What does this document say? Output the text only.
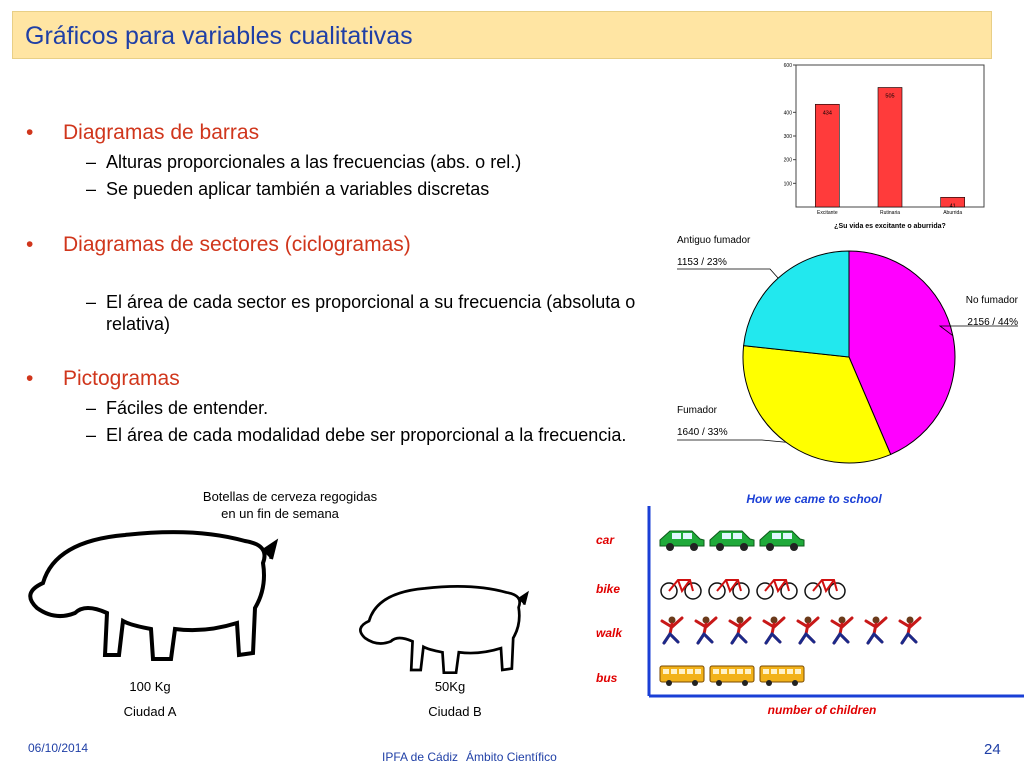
Gráficos para variables cualitativas
• Diagramas de barras
– Alturas proporcionales a las frecuencias (abs. o rel.)
– Se pueden aplicar también a variables discretas
• Diagramas de sectores (ciclogramas)
– El área de cada sector es proporcional a su frecuencia (absoluta o relativa)
• Pictogramas
– Fáciles de entender.
– El área de cada modalidad debe ser proporcional a la frecuencia.
100
200
300
400
600
434
Excitante
505
Rutinaria
41
Aburrida
¿Su vida es excitante o aburrida?
No fumador
2156 / 44%
Fumador
1640 / 33%
Antiguo fumador
1153 / 23%
Botellas de cerveza regogidas
en un fin de semana
100 Kg
Ciudad A
50Kg
Ciudad B
How we came to school
number of children
car
bike
walk
bus
06/10/2014
IPFA de Cádiz Ámbito Científico	24
